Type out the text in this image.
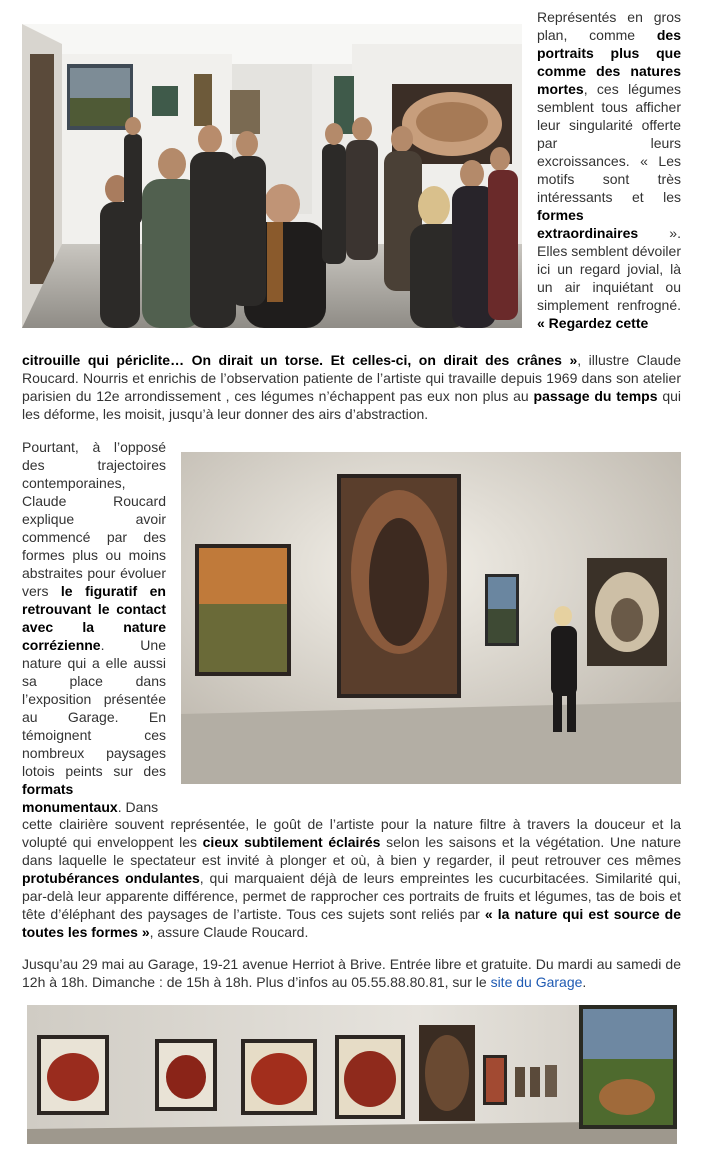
Représentés en gros plan, comme des portraits plus que comme des natures mortes, ces légumes semblent tous afficher leur singularité offerte par leurs excroissances. « Les motifs sont très intéressants et les formes extraordinaires ». Elles semblent dévoiler ici un regard jovial, là un air inquiétant ou simplement renfrogné. « Regardez cette

citrouille qui périclite… On dirait un torse. Et celles-ci, on dirait des crânes », illustre Claude Roucard. Nourris et enrichis de l’observation patiente de l’artiste qui travaille depuis 1969 dans son atelier parisien du 12e arrondissement , ces légumes n’échappent pas eux non plus au passage du temps qui les déforme, les moisit, jusqu’à leur donner des airs d’abstraction.

Pourtant, à l’opposé des trajectoires contemporaines, Claude Roucard explique avoir commencé par des formes plus ou moins abstraites pour évoluer vers le figuratif en retrouvant le contact avec la nature corrézienne. Une nature qui a elle aussi sa place dans l’exposition présentée au Garage. En témoignent ces nombreux paysages lotois peints sur des formats monumentaux. Dans

cette clairière souvent représentée, le goût de l’artiste pour la nature filtre à travers la douceur et la volupté qui enveloppent les cieux subtilement éclairés selon les saisons et la végétation. Une nature dans laquelle le spectateur est invité à plonger et où, à bien y regarder, il peut retrouver ces mêmes protubérances ondulantes, qui marquaient déjà de leurs empreintes les cucurbitacées. Similarité qui, par-delà leur apparente différence, permet de rapprocher ces portraits de fruits et légumes, tas de bois et tête d’éléphant des paysages de l’artiste. Tous ces sujets sont reliés par « la nature qui est source de toutes les formes », assure Claude Roucard.

Jusqu’au 29 mai au Garage, 19-21 avenue Herriot à Brive. Entrée libre et gratuite. Du mardi au samedi de 12h à 18h. Dimanche : de 15h à 18h. Plus d’infos au 05.55.88.80.81, sur le site du Garage.
